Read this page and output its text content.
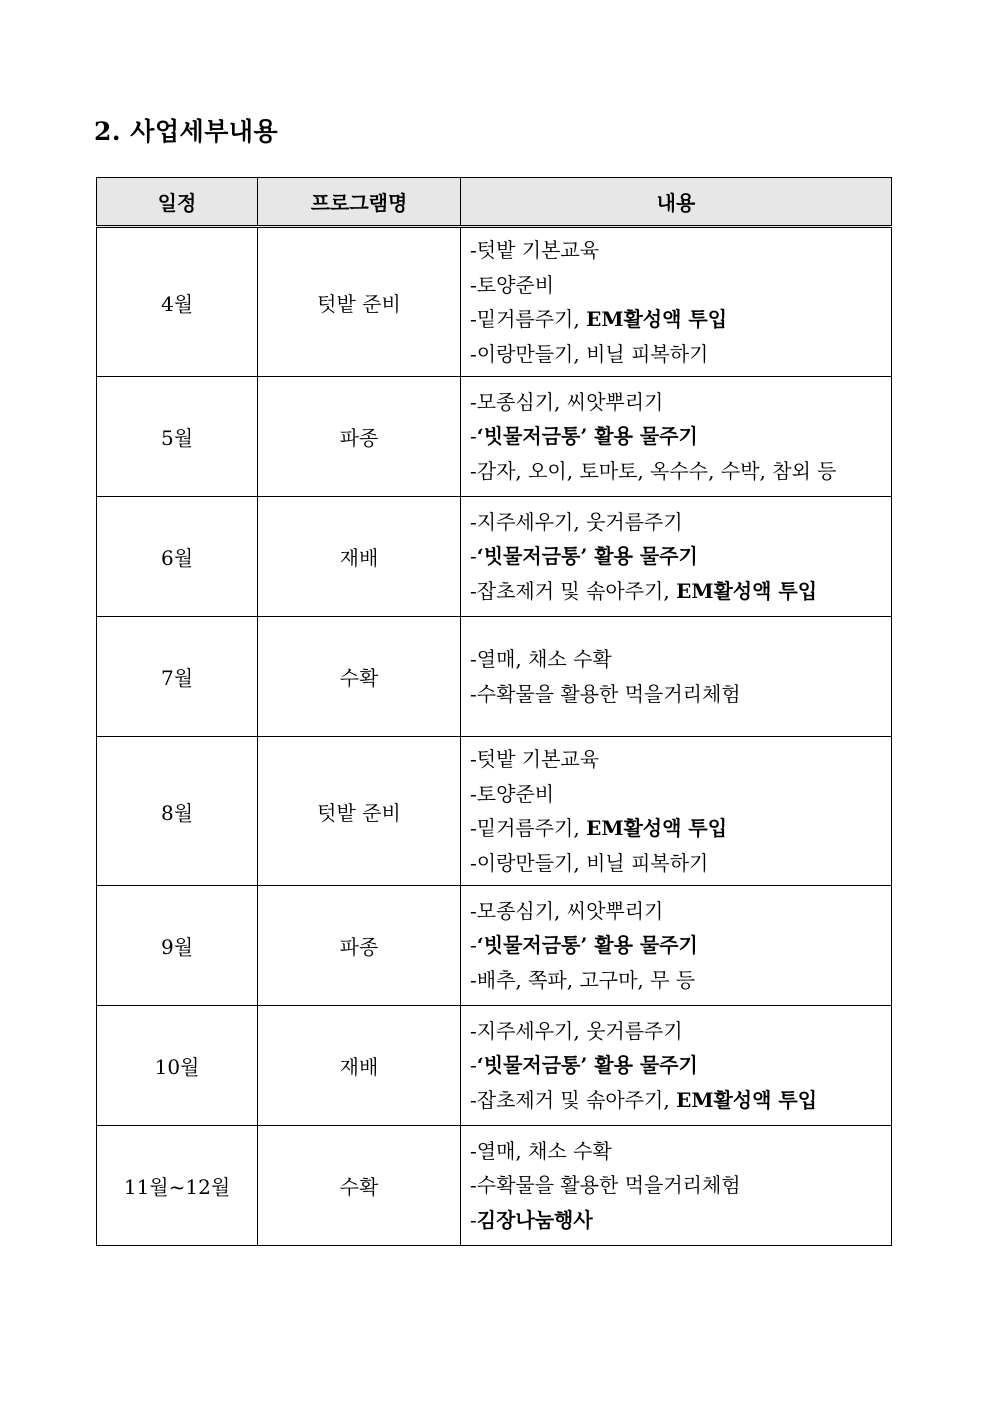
2. 사업세부내용
일정	프로그램명	내용
4월	텃밭 준비	-텃밭 기본교육
-토양준비
-밑거름주기, EM활성액 투입
-이랑만들기, 비닐 피복하기

5월	파종	-모종심기, 씨앗뿌리기
-‘빗물저금통’ 활용 물주기
-감자, 오이, 토마토, 옥수수, 수박, 참외 등

6월	재배	-지주세우기, 웃거름주기
-‘빗물저금통’ 활용 물주기
-잡초제거 및 솎아주기, EM활성액 투입

7월	수확	-열매, 채소 수확
-수확물을 활용한 먹을거리체험

8월	텃밭 준비	-텃밭 기본교육
-토양준비
-밑거름주기, EM활성액 투입
-이랑만들기, 비닐 피복하기

9월	파종	-모종심기, 씨앗뿌리기
-‘빗물저금통’ 활용 물주기
-배추, 쪽파, 고구마, 무 등

10월	재배	-지주세우기, 웃거름주기
-‘빗물저금통’ 활용 물주기
-잡초제거 및 솎아주기, EM활성액 투입

11월~12월	수확	-열매, 채소 수확
-수확물을 활용한 먹을거리체험
-김장나눔행사
